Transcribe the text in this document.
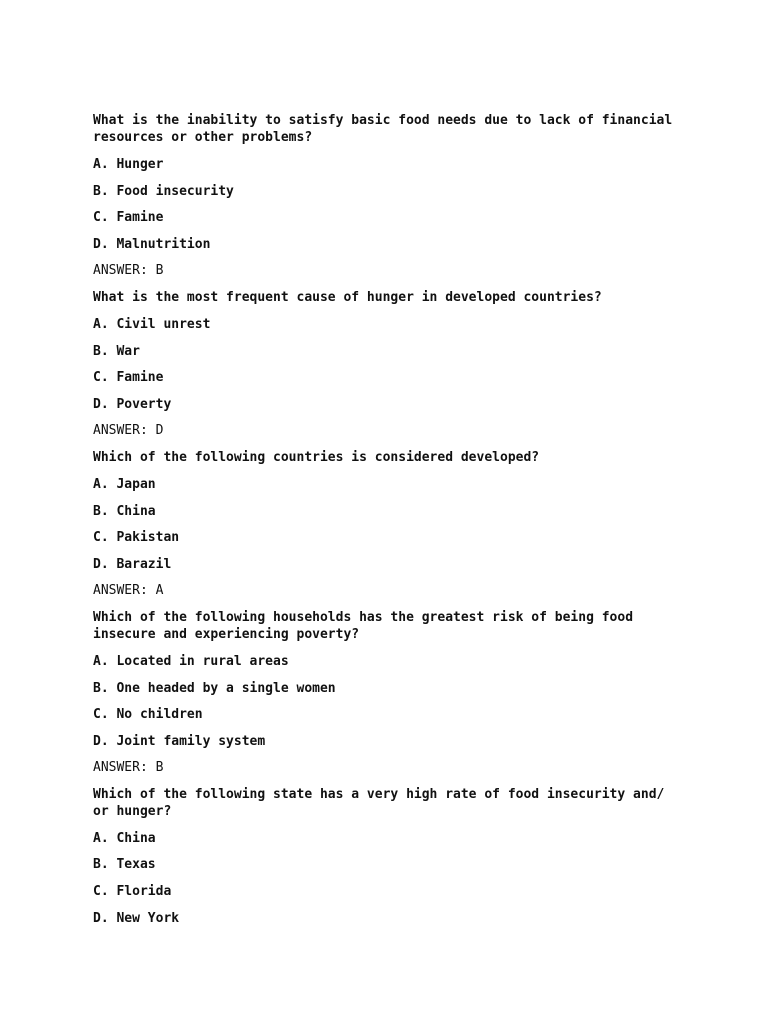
What is the inability to satisfy basic food needs due to lack of financial
resources or other problems?
A. Hunger
B. Food insecurity
C. Famine
D. Malnutrition
ANSWER: B
What is the most frequent cause of hunger in developed countries?
A. Civil unrest
B. War
C. Famine
D. Poverty
ANSWER: D
Which of the following countries is considered developed?
A. Japan
B. China
C. Pakistan
D. Barazil
ANSWER: A
Which of the following households has the greatest risk of being food
insecure and experiencing poverty?
A. Located in rural areas
B. One headed by a single women
C. No children
D. Joint family system
ANSWER: B
Which of the following state has a very high rate of food insecurity and/
or hunger?
A. China
B. Texas
C. Florida
D. New York
